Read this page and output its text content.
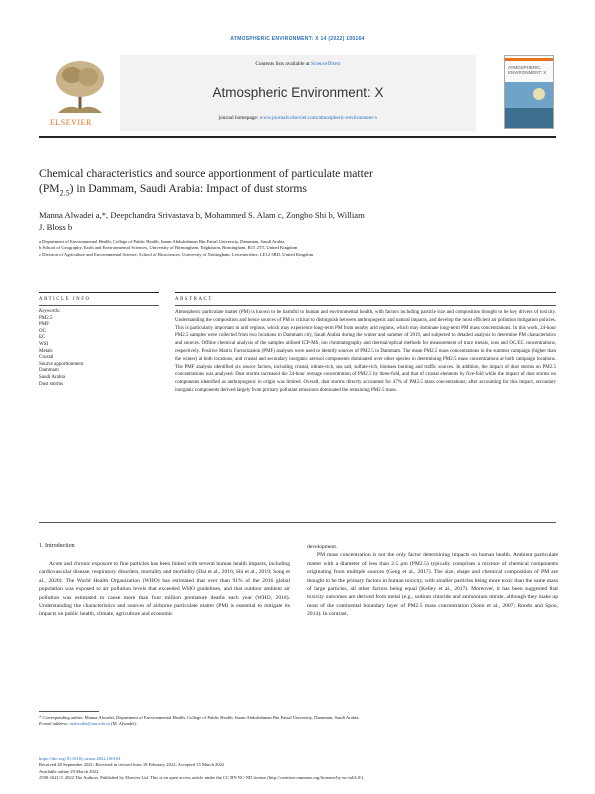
ATMOSPHERIC ENVIRONMENT: X 14 (2022) 100164
ELSEVIER
Contents lists available at ScienceDirect
Atmospheric Environment: X
journal homepage: www.journals.elsevier.com/atmospheric-environment-x
ATMOSPHERIC ENVIRONMENT: X
Chemical characteristics and source apportionment of particulate matter
$(PM_{2.5})$ in Dammam, Saudi Arabia: Impact of dust storms
Manna Alwadei a,*, Deepchandra Srivastava b, Mohammed S. Alam c, Zongbo Shi b, William
J. Bloss b
a Department of Environmental Health, College of Public Health, Imam Abdulrahman Bin Faisal University, Dammam, Saudi Arabia
b School of Geography, Earth and Environmental Sciences, University of Birmingham, Edgbaston, Birmingham, B15 2TT, United Kingdom
c Division of Agriculture and Environmental Science, School of Biosciences, University of Nottingham, Leicestershire, LE12 5RD, United Kingdom
ARTICLE INFO	ABSTRACT
Keywords:
PM2.5
PMF
OC
EC
WSI
Metals
Crustal
Source apportionment
Dammam
Saudi Arabia
Dust storms
Atmospheric particulate matter (PM) is known to be harmful to human and environmental health, with factors including particle size and composition thought to be key drivers of toxicity. Understanding the composition and hence sources of PM is critical to distinguish between anthropogenic and natural impacts, and develop the most efficient air pollution mitigation policies. This is particularly important in arid regions, which may experience long-term PM from nearby arid regions, which may dominate long-term PM mass concentrations. In this work, 24-hour PM2.5 samples were collected from two locations in Dammam city, Saudi Arabia during the winter and summer of 2019, and subjected to detailed analysis to determine PM characteristics and sources. Offline chemical analysis of the samples utilised ICP-MS, ion chromatography and thermal/optical methods for measurement of trace metals, ions and OC/EC concentrations, respectively. Positive Matrix Factorization (PMF) analyses were used to identify sources of PM2.5 in Dammam. The mean PM2.5 mass concentrations in the summer campaign (higher than the winter) at both locations, and crustal and secondary inorganic aerosol components dominated over other species in determining PM2.5 mass concentrations at both campaign locations. The PMF analysis identified six source factors, including crustal, nitrate-rich, sea salt, sulfate-rich, biomass burning and traffic sources. In addition, the impact of dust storms on PM2.5 concentrations was analysed. Dust storms increased the 24-hour average concentration of PM2.5 by three-fold, and that of crustal elements by five-fold while the impact of dust storms on components identified as anthropogenic in origin was limited. Overall, dust storms directly accounted for 47% of PM2.5 mass concentrations; after accounting for this impact, secondary inorganic components derived largely from primary pollutant emissions dominated the remaining PM2.5 mass.
1. Introduction
Acute and chronic exposure to fine particles has been linked with several human health impacts, including cardiovascular disease, respiratory disorders, mortality and morbidity (Dai et al., 2016; Shi et al., 2019; Song et al., 2020). The World Health Organization (WHO) has estimated that over than 91% of the 2016 global population was exposed to air pollution levels that exceeded WHO guidelines, and that outdoor ambient air pollution was estimated to cause more than four million premature deaths each year (WHO, 2018). Understanding the characteristics and sources of airborne particulate matter (PM) is essential to mitigate its impacts on public health, climate, agriculture and economic
development.
PM mass concentration is not the only factor determining impacts on human health. Ambient particulate matter with a diameter of less than 2.5 μm (PM2.5) typically comprises a mixture of chemical components originating from multiple sources (Geng et al., 2017). The size, shape and chemical composition of PM are thought to be the primary factors in human toxicity, with smaller particles being more toxic than the same mass of large particles, all other factors being equal (Kelley et al., 2017). Moreover, it has been suggested that toxicity outcomes are derived from metal (e.g., sodium chloride and ammonium nitrate, although they make up most of the continental boundary layer of PM2.5 mass concentration (Sonn et al., 2007; Rondo and Spoo, 2014). In contrast,
* Corresponding author. Manna Alwadei, Department of Environmental Health, College of Public Health, Imam Abdulrahman Bin Faisal University, Dammam, Saudi Arabia.
E-mail address: malwadei@iau.edu.sa (M. Alwadei).
https://doi.org/10.1016/j.aeaoa.2022.100164
Received 28 September 2021; Received in revised form 18 February 2022; Accepted 15 March 2022
Available online 29 March 2022
2590-1621/© 2022 The Authors. Published by Elsevier Ltd. This is an open access article under the CC BY-NC-ND license (http://creativecommons.org/licenses/by-nc-nd/4.0/).
